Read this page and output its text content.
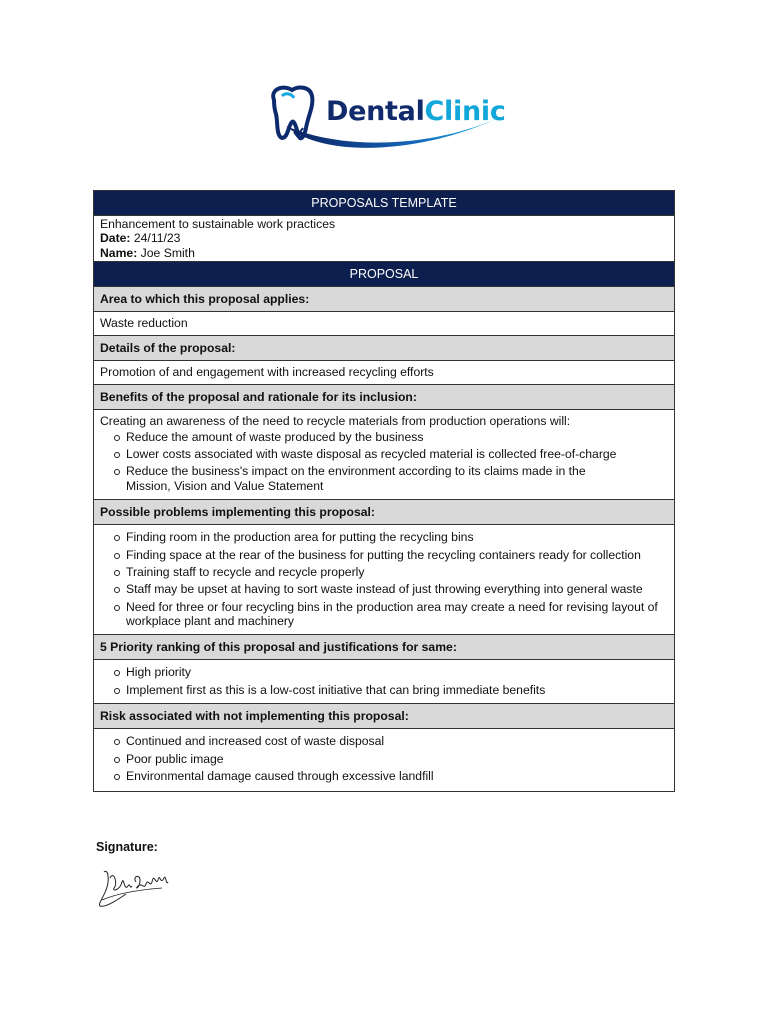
DentalClinic
PROPOSALS TEMPLATE

Enhancement to sustainable work practices
Date: 24/11/23
Name: Joe Smith

PROPOSAL
Area to which this proposal applies:
Waste reduction
Details of the proposal:
Promotion of and engagement with increased recycling efforts
Benefits of the proposal and rationale for its inclusion:

Creating an awareness of the need to recycle materials from production operations will:
Reduce the amount of waste produced by the business
Lower costs associated with waste disposal as recycled material is collected free-of-charge
Reduce the business's impact on the environment according to its claims made in the Mission, Vision and Value Statement

Possible problems implementing this proposal:

Finding room in the production area for putting the recycling bins
Finding space at the rear of the business for putting the recycling containers ready for collection
Training staff to recycle and recycle properly
Staff may be upset at having to sort waste instead of just throwing everything into general waste
Need for three or four recycling bins in the production area may create a need for revising layout of workplace plant and machinery

5 Priority ranking of this proposal and justifications for same:

High priority
Implement first as this is a low-cost initiative that can bring immediate benefits

Risk associated with not implementing this proposal:

Continued and increased cost of waste disposal
Poor public image
Environmental damage caused through excessive landfill
Signature:
